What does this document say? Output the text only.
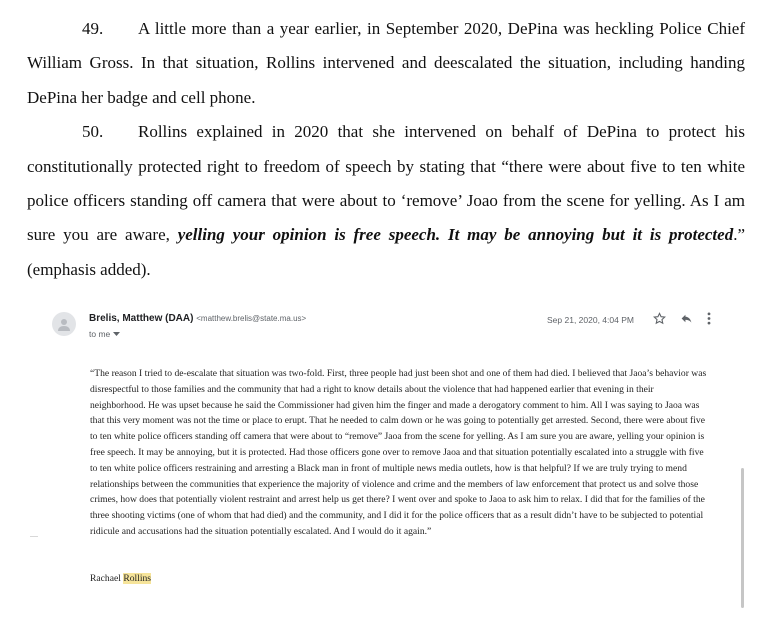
49. A little more than a year earlier, in September 2020, DePina was heckling Police Chief William Gross. In that situation, Rollins intervened and deescalated the situation, including handing DePina her badge and cell phone.

50. Rollins explained in 2020 that she intervened on behalf of DePina to protect his constitutionally protected right to freedom of speech by stating that “there were about five to ten white police officers standing off camera that were about to ‘remove’ Joao from the scene for yelling. As I am sure you are aware, yelling your opinion is free speech. It may be annoying but it is protected.” (emphasis added).

Brelis, Matthew (DAA) <matthew.brelis@state.ma.us>
to me
Sep 21, 2020, 4:04 PM
“The reason I tried to de-escalate that situation was two-fold. First, three people had just been shot and one of them had died. I believed that Jaoa’s behavior was disrespectful to those families and the community that had a right to know details about the violence that had happened earlier that evening in their neighborhood. He was upset because he said the Commissioner had given him the finger and made a derogatory comment to him. All I was saying to Jaoa was that this very moment was not the time or place to erupt. That he needed to calm down or he was going to potentially get arrested. Second, there were about five to ten white police officers standing off camera that were about to “remove” Jaoa from the scene for yelling. As I am sure you are aware, yelling your opinion is free speech. It may be annoying, but it is protected. Had those officers gone over to remove Jaoa and that situation potentially escalated into a struggle with five to ten white police officers restraining and arresting a Black man in front of multiple news media outlets, how is that helpful? If we are truly trying to mend relationships between the communities that experience the majority of violence and crime and the members of law enforcement that protect us and solve those crimes, how does that potentially violent restraint and arrest help us get there? I went over and spoke to Jaoa to ask him to relax. I did that for the families of the three shooting victims (one of whom that had died) and the community, and I did it for the police officers that as a result didn’t have to be subjected to potential ridicule and accusations had the situation potentially escalated. And I would do it again.”
Rachael Rollins
